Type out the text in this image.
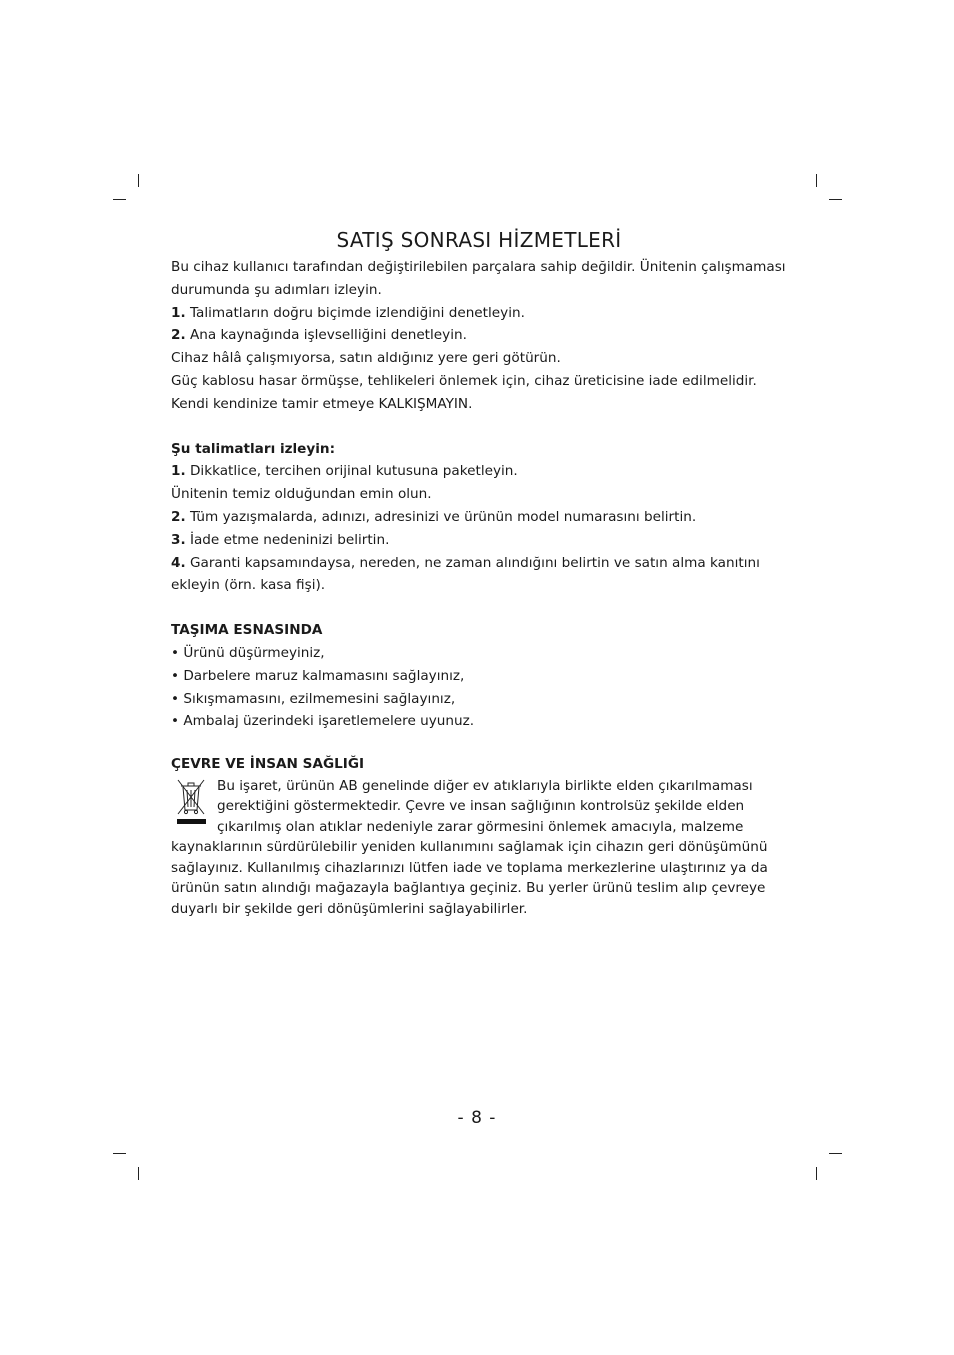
SATIŞ SONRASI HİZMETLERİ

Bu cihaz kullanıcı tarafından değiştirilebilen parçalara sahip değildir. Ünitenin çalışmaması durumunda şu adımları izleyin.

1. Talimatların doğru biçimde izlendiğini denetleyin.

2. Ana kaynağında işlevselliğini denetleyin.

Cihaz hâlâ çalışmıyorsa, satın aldığınız yere geri götürün.

Güç kablosu hasar örmüşse, tehlikeleri önlemek için, cihaz üreticisine iade edilmelidir.

Kendi kendinize tamir etmeye KALKIŞMAYIN.

Şu talimatları izleyin:

1. Dikkatlice, tercihen orijinal kutusuna paketleyin.

Ünitenin temiz olduğundan emin olun.

2. Tüm yazışmalarda, adınızı, adresinizi ve ürünün model numarasını belirtin.

3. İade etme nedeninizi belirtin.

4. Garanti kapsamındaysa, nereden, ne zaman alındığını belirtin ve satın alma kanıtını ekleyin (örn. kasa fişi).

TAŞIMA ESNASINDA

• Ürünü düşürmeyiniz,

• Darbelere maruz kalmamasını sağlayınız,

• Sıkışmamasını, ezilmemesini sağlayınız,

• Ambalaj üzerindeki işaretlemelere uyunuz.

ÇEVRE VE İNSAN SAĞLIĞI

Bu işaret, ürünün AB genelinde diğer ev atıklarıyla birlikte elden çıkarılmaması gerektiğini göstermektedir. Çevre ve insan sağlığının kontrolsüz şekilde elden çıkarılmış olan atıklar nedeniyle zarar görmesini önlemek amacıyla, malzeme kaynaklarının sürdürülebilir yeniden kullanımını sağlamak için cihazın geri dönüşümünü sağlayınız. Kullanılmış cihazlarınızı lütfen iade ve toplama merkezlerine ulaştırınız ya da ürünün satın alındığı mağazayla bağlantıya geçiniz. Bu yerler ürünü teslim alıp çevreye duyarlı bir şekilde geri dönüşümlerini sağlayabilirler.
- 8 -
